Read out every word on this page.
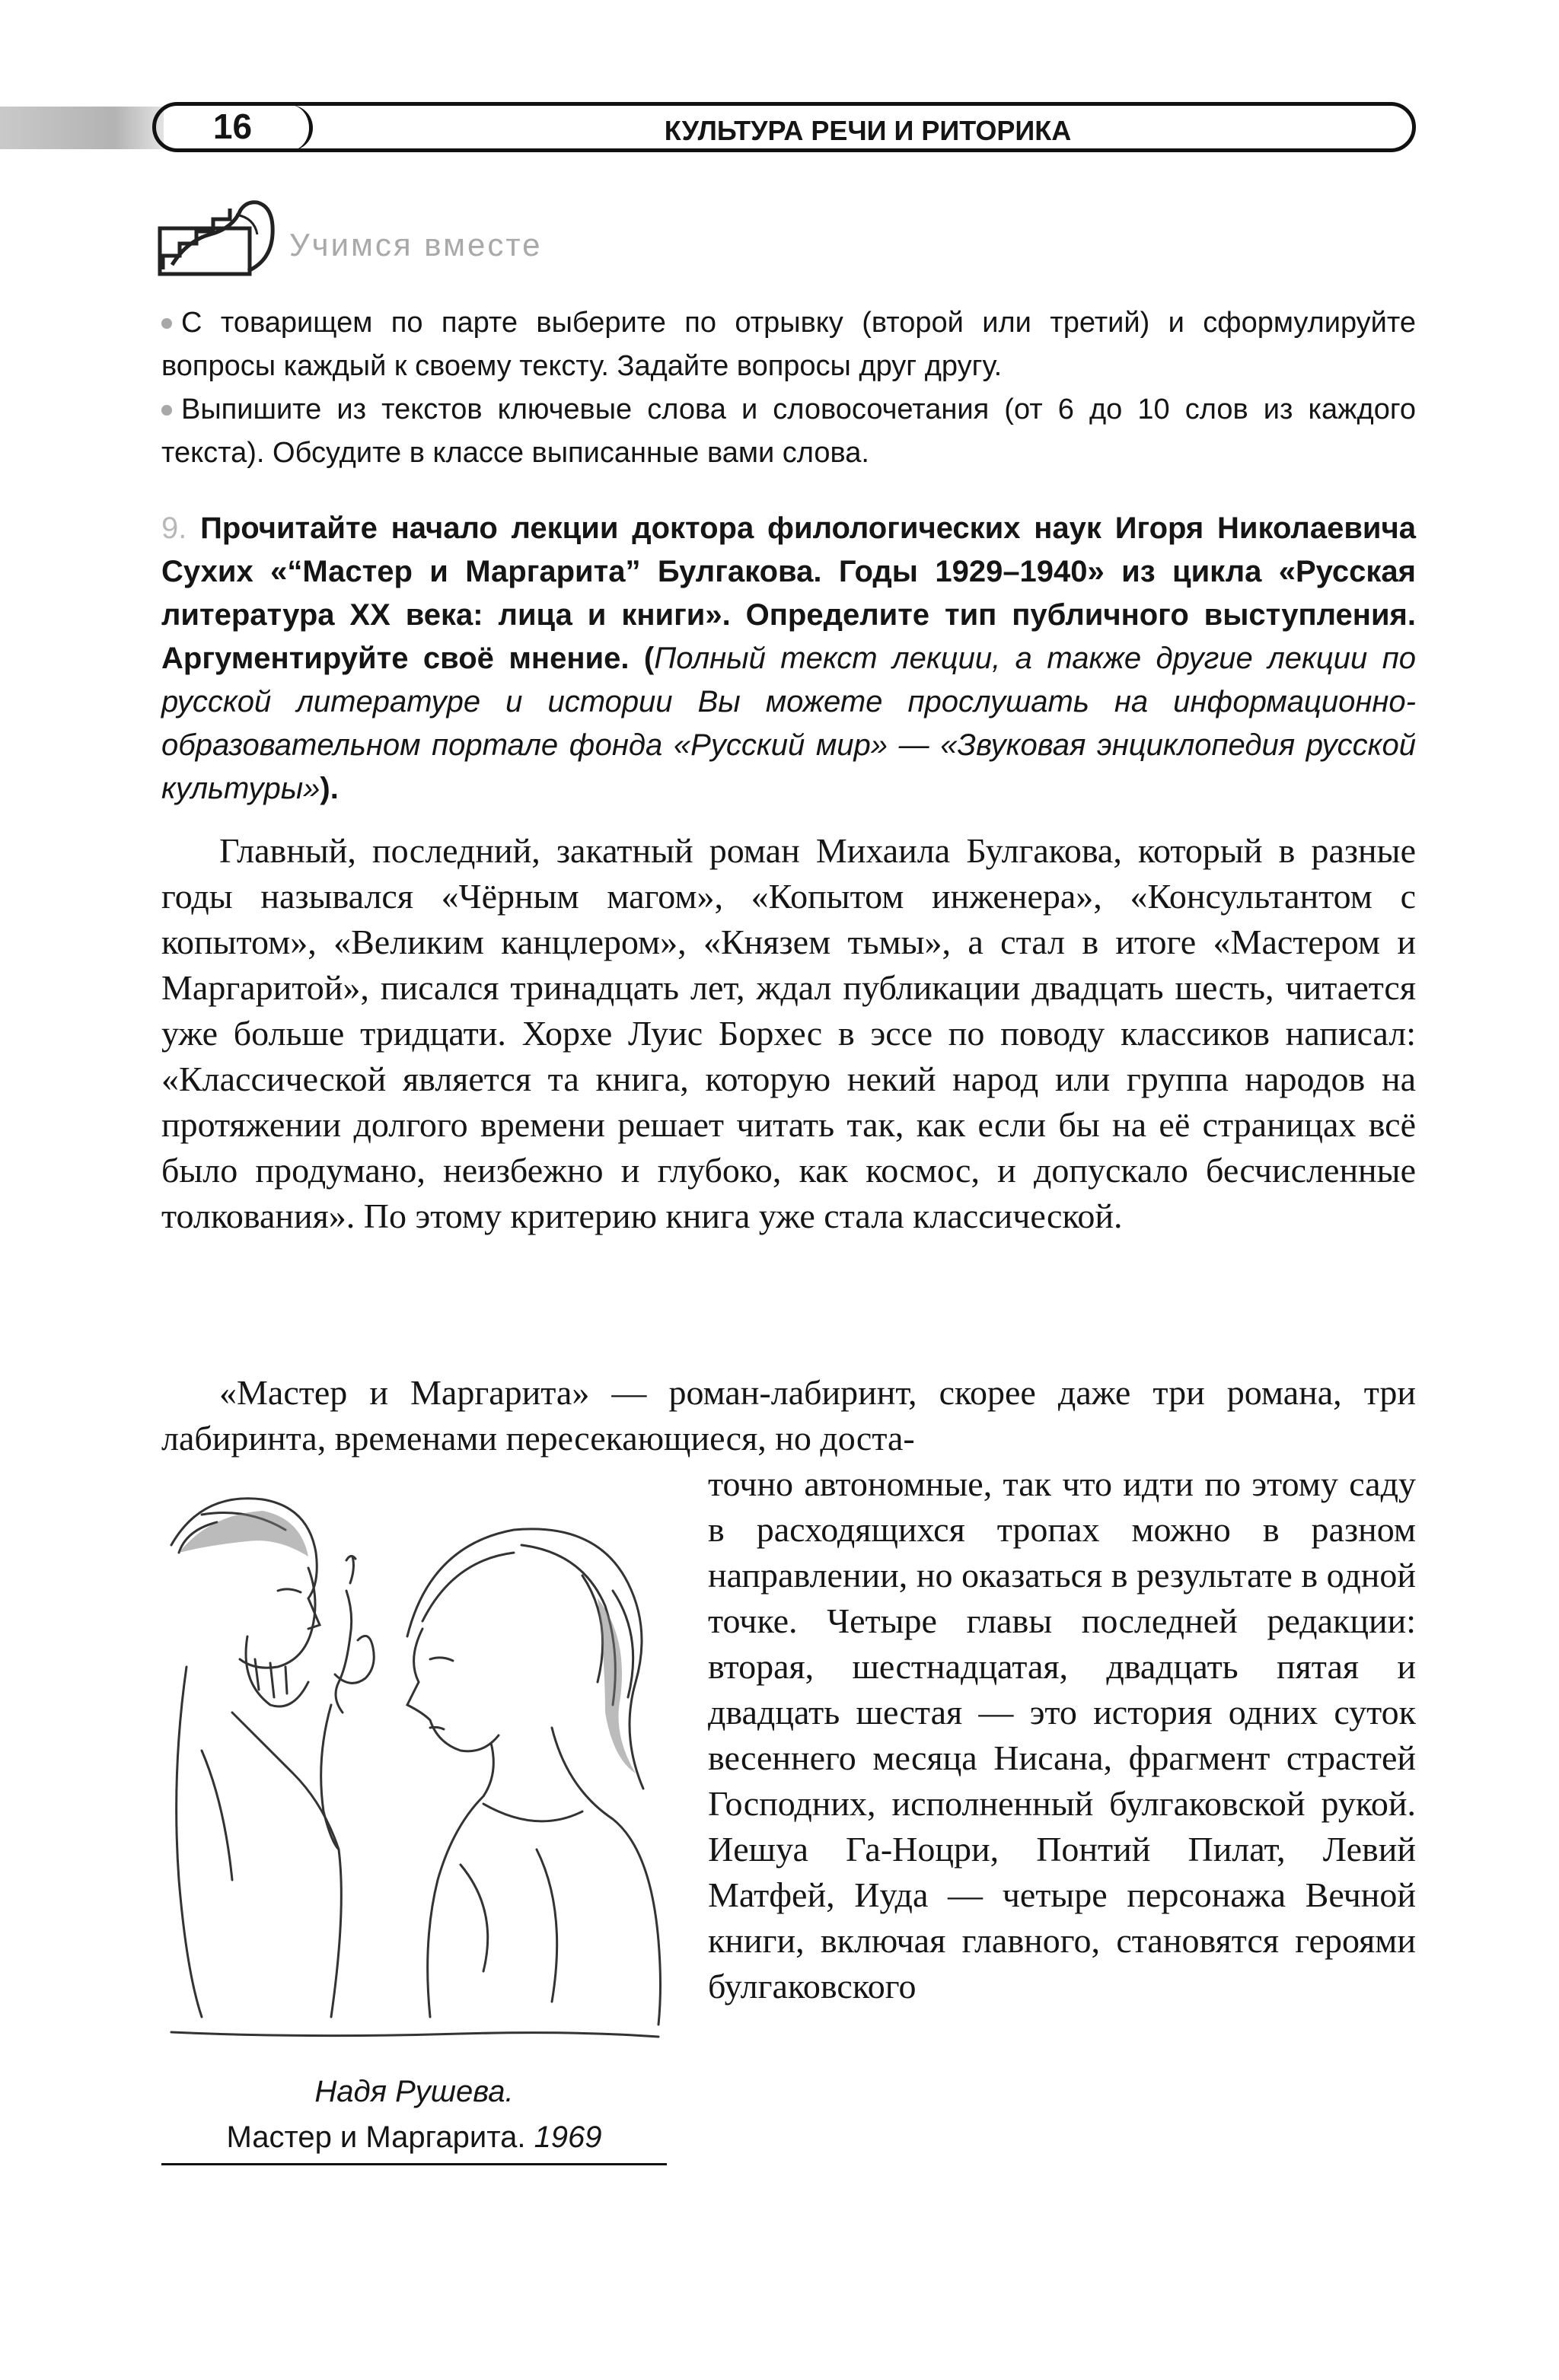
16	КУЛЬТУРА РЕЧИ И РИТОРИКА
Учимся вместе

С товарищем по парте выберите по отрывку (второй или третий) и сформулируйте вопросы каждый к своему тексту. Задайте вопросы друг другу.

Выпишите из текстов ключевые слова и словосочетания (от 6 до 10 слов из каждого текста). Обсудите в классе выписанные вами слова.

9. Прочитайте начало лекции доктора филологических наук Игоря Николаевича Сухих «“Мастер и Маргарита” Булгакова. Годы 1929–1940» из цикла «Русская литература XX века: лица и книги». Определите тип публичного выступления. Аргументируйте своё мнение. (Полный текст лекции, а также другие лекции по русской литературе и истории Вы можете прослушать на информационно-образовательном портале фонда «Русский мир» — «Звуковая энциклопедия русской культуры»).

Главный, последний, закатный роман Михаила Булгакова, который в разные годы назывался «Чёрным магом», «Копытом инженера», «Консультантом с копытом», «Великим канцлером», «Князем тьмы», а стал в итоге «Мастером и Маргаритой», писался тринадцать лет, ждал публикации двадцать шесть, читается уже больше тридцати. Хорхе Луис Борхес в эссе по поводу классиков написал: «Классической является та книга, которую некий народ или группа народов на протяжении долгого времени решает читать так, как если бы на её страницах всё было продумано, неизбежно и глубоко, как космос, и допускало бесчисленные толкования». По этому критерию книга уже стала классической.

«Мастер и Маргарита» — роман-лабиринт, скорее даже три романа, три лабиринта, временами пересекающиеся, но доста-

точно автономные, так что идти по этому саду в расходящихся тропах можно в разном направлении, но оказаться в результате в одной точке. Четыре главы последней редакции: вторая, шестнадцатая, двадцать пятая и двадцать шестая — это история одних суток весеннего месяца Нисана, фрагмент страстей Господних, исполненный булгаковской рукой. Иешуа Га-Ноцри, Понтий Пилат, Левий Матфей, Иуда — четыре персонажа Вечной книги, включая главного, становятся героями булгаковского

Надя Рушева.
Мастер и Маргарита. 1969
